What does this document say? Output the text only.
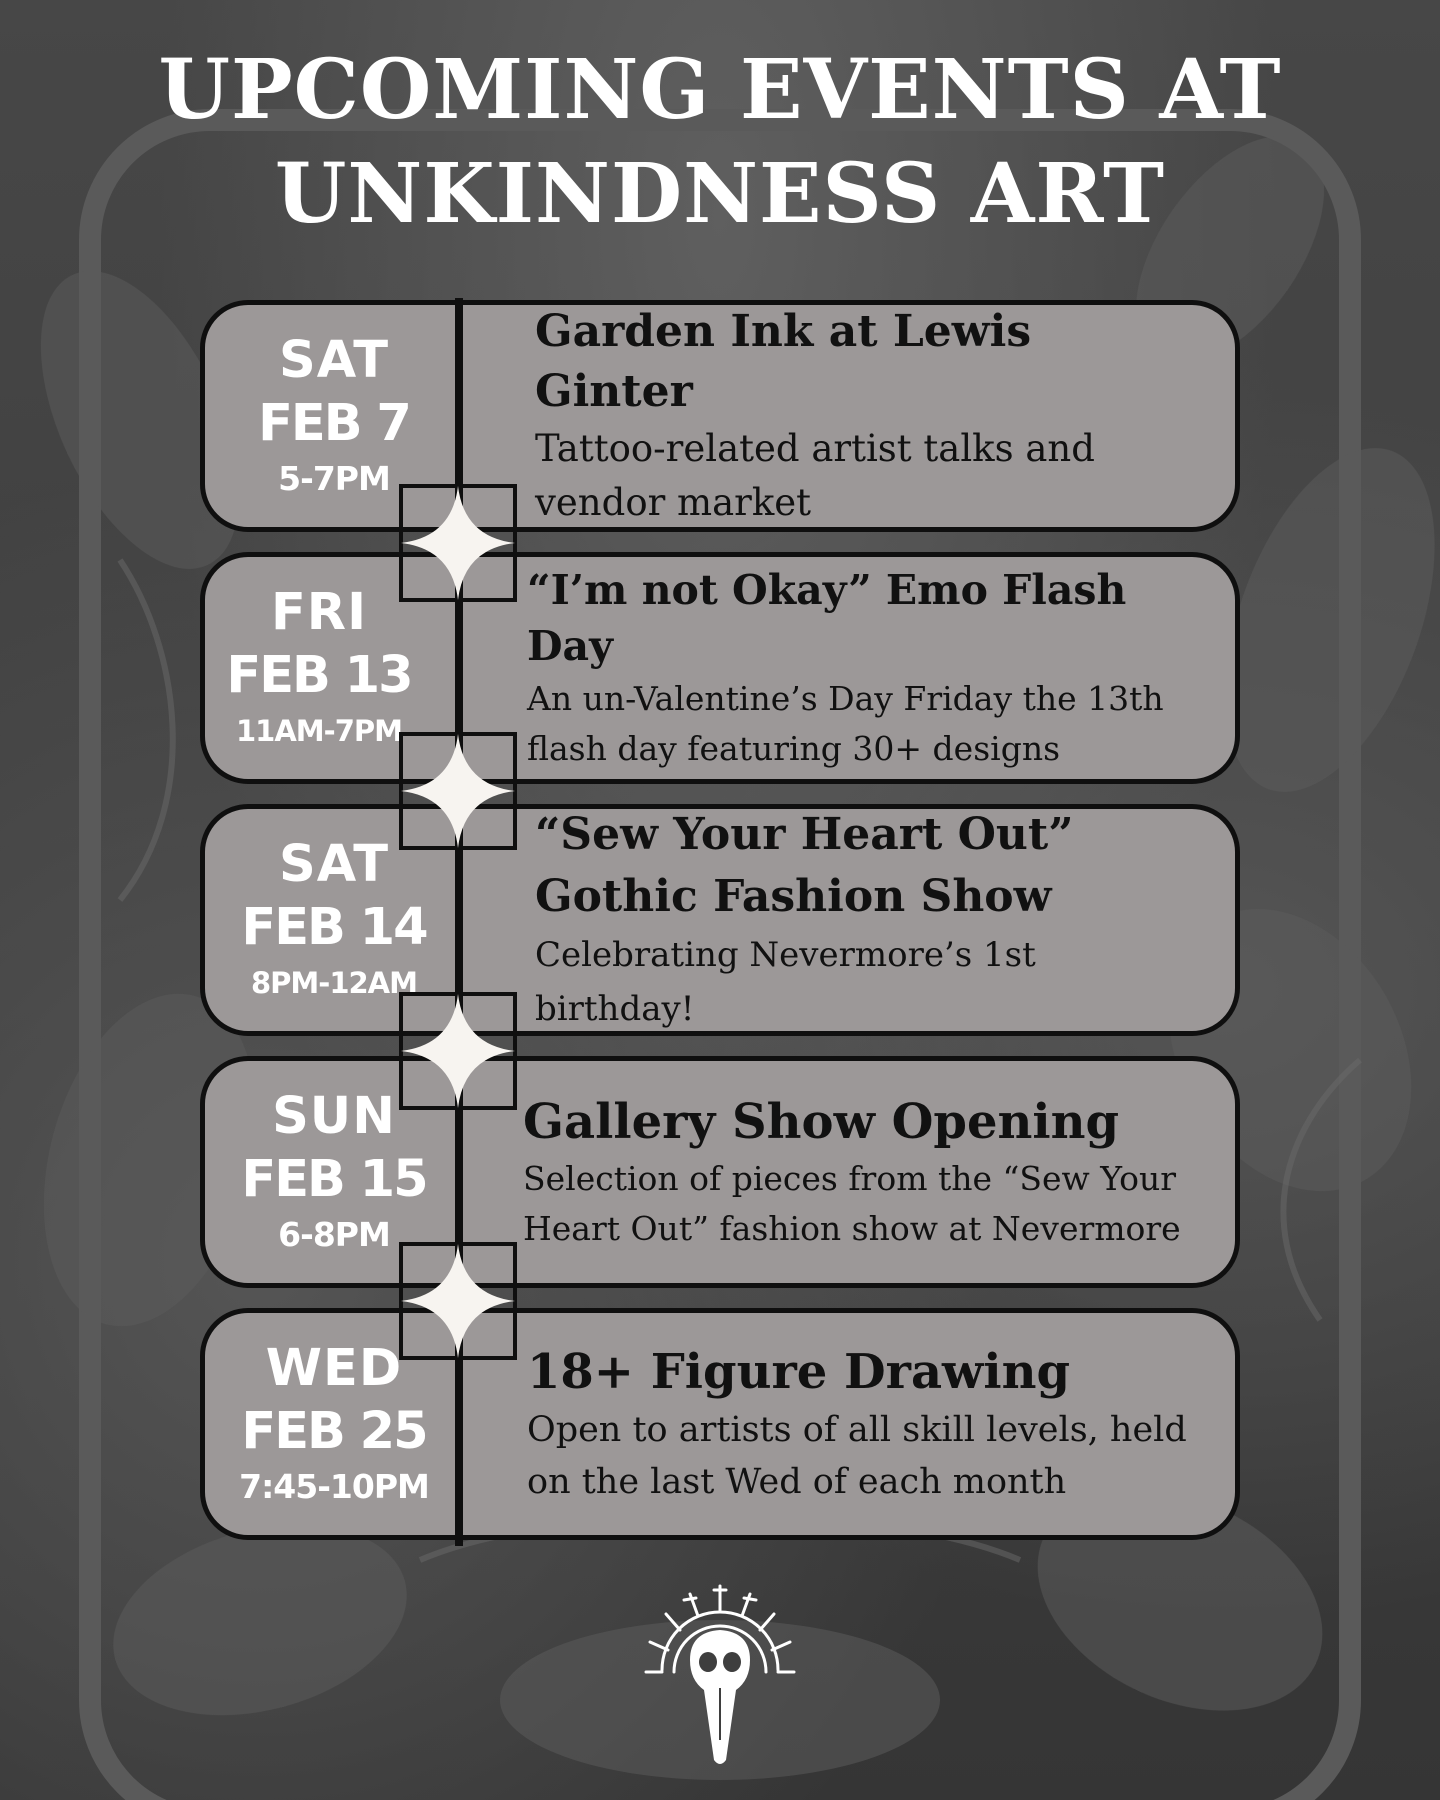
UPCOMING EVENTS AT
UNKINDNESS ART
SAT
FEB 7
5-7PM
Garden Ink at Lewis Ginter
Tattoo-related artist talks and
vendor market
FRI
FEB 13
11AM-7PM
“I’m not Okay” Emo Flash Day
An un-Valentine’s Day Friday the 13th
flash day featuring 30+ designs
SAT
FEB 14
8PM-12AM
“Sew Your Heart Out”
Gothic Fashion Show
Celebrating Nevermore’s 1st birthday!
SUN
FEB 15
6-8PM
Gallery Show Opening
Selection of pieces from the “Sew Your
Heart Out” fashion show at Nevermore
WED
FEB 25
7:45-10PM
18+ Figure Drawing
Open to artists of all skill levels, held
on the last Wed of each month
